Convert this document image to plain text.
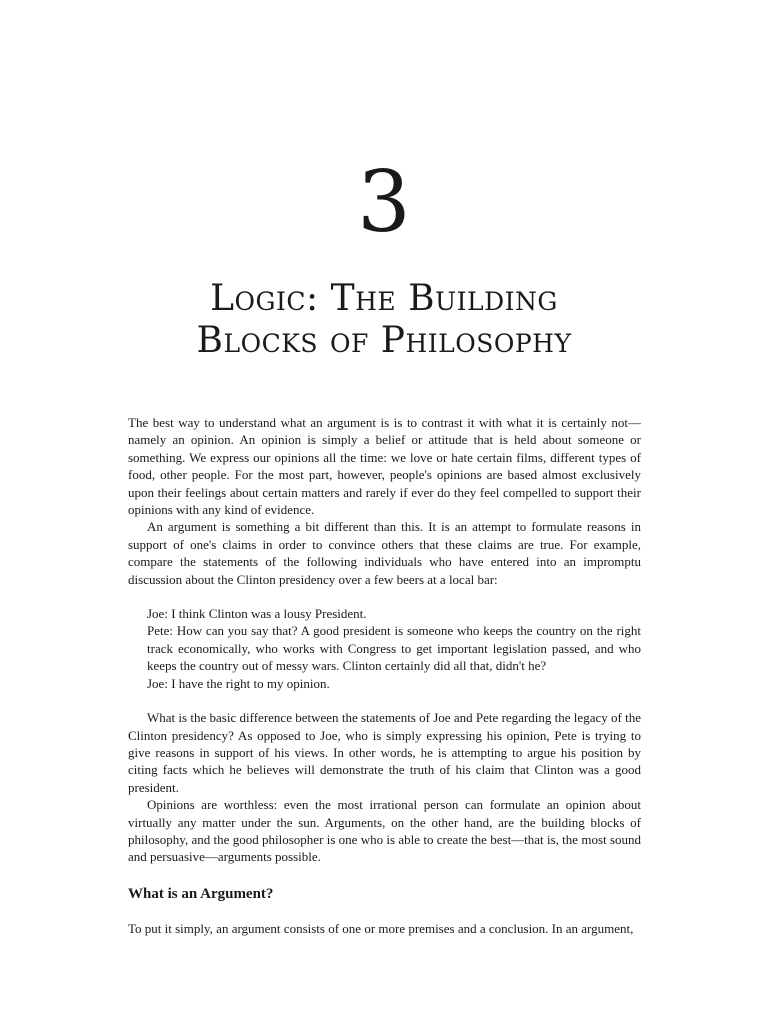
3
Logic: The Building
Blocks of Philosophy

The best way to understand what an argument is is to contrast it with what it is certainly not—namely an opinion. An opinion is simply a belief or attitude that is held about someone or something. We express our opinions all the time: we love or hate certain films, different types of food, other people. For the most part, however, people's opinions are based almost exclusively upon their feelings about certain matters and rarely if ever do they feel compelled to support their opinions with any kind of evidence.

An argument is something a bit different than this. It is an attempt to formulate reasons in support of one's claims in order to convince others that these claims are true. For example, compare the statements of the following individuals who have entered into an impromptu discussion about the Clinton presidency over a few beers at a local bar:

Joe: I think Clinton was a lousy President.
Pete: How can you say that? A good president is someone who keeps the country on the right track economically, who works with Congress to get important legislation passed, and who keeps the country out of messy wars. Clinton certainly did all that, didn't he?
Joe: I have the right to my opinion.

What is the basic difference between the statements of Joe and Pete regarding the legacy of the Clinton presidency? As opposed to Joe, who is simply expressing his opinion, Pete is trying to give reasons in support of his views. In other words, he is attempting to argue his position by citing facts which he believes will demonstrate the truth of his claim that Clinton was a good president.

Opinions are worthless: even the most irrational person can formulate an opinion about virtually any matter under the sun. Arguments, on the other hand, are the building blocks of philosophy, and the good philosopher is one who is able to create the best—that is, the most sound and persuasive—arguments possible.

What is an Argument?

To put it simply, an argument consists of one or more premises and a conclusion. In an argument,
